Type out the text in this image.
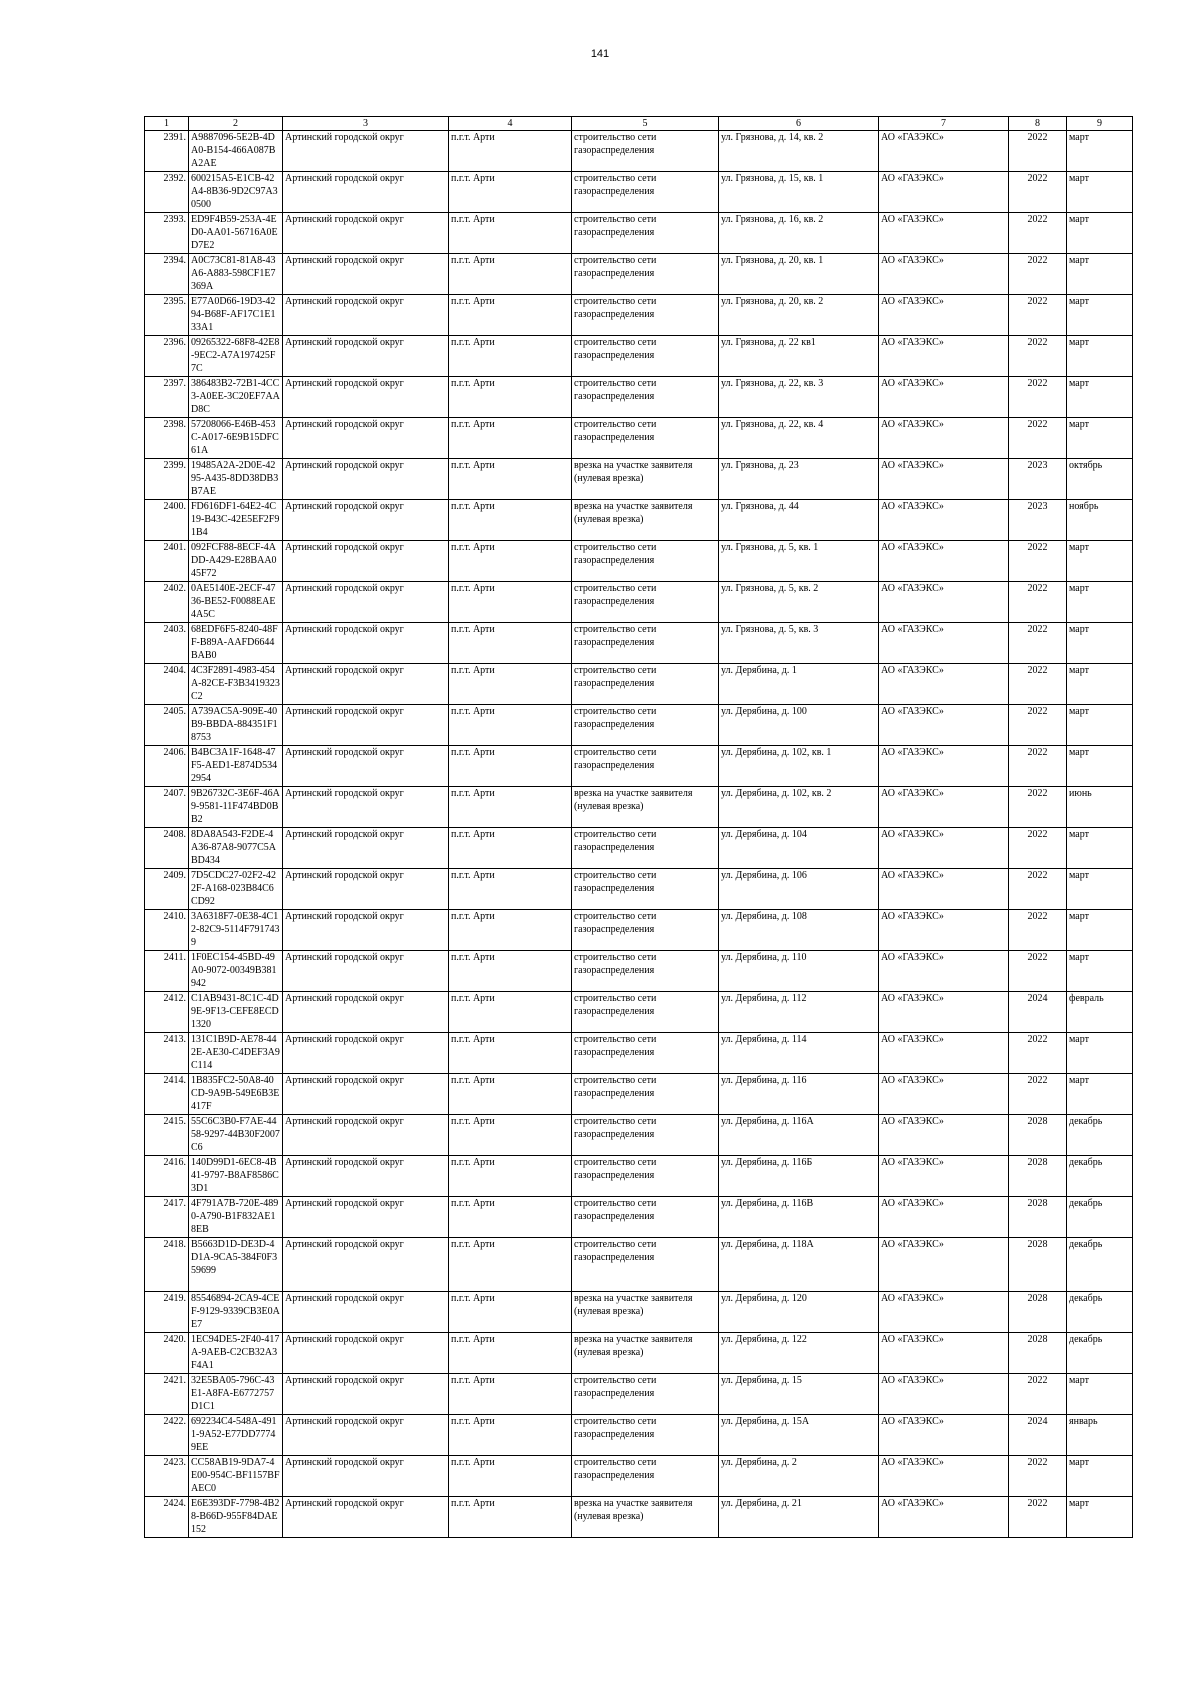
141
1	2	3	4	5	6	7	8	9
2391.	A9887096-5E2B-4DA0-B154-466A087BA2AE	Артинский городской округ	п.г.т. Арти	строительство сети газораспределения	ул. Грязнова, д. 14, кв. 2	АО «ГАЗЭКС»	2022	март
2392.	600215A5-E1CB-42A4-8B36-9D2C97A30500	Артинский городской округ	п.г.т. Арти	строительство сети газораспределения	ул. Грязнова, д. 15, кв. 1	АО «ГАЗЭКС»	2022	март
2393.	ED9F4B59-253A-4ED0-AA01-56716A0ED7E2	Артинский городской округ	п.г.т. Арти	строительство сети газораспределения	ул. Грязнова, д. 16, кв. 2	АО «ГАЗЭКС»	2022	март
2394.	A0C73C81-81A8-43A6-A883-598CF1E7369A	Артинский городской округ	п.г.т. Арти	строительство сети газораспределения	ул. Грязнова, д. 20, кв. 1	АО «ГАЗЭКС»	2022	март
2395.	E77A0D66-19D3-4294-B68F-AF17C1E133A1	Артинский городской округ	п.г.т. Арти	строительство сети газораспределения	ул. Грязнова, д. 20, кв. 2	АО «ГАЗЭКС»	2022	март
2396.	09265322-68F8-42E8-9EC2-A7A197425F7C	Артинский городской округ	п.г.т. Арти	строительство сети газораспределения	ул. Грязнова, д. 22 кв1	АО «ГАЗЭКС»	2022	март
2397.	386483B2-72B1-4CC3-A0EE-3C20EF7AAD8C	Артинский городской округ	п.г.т. Арти	строительство сети газораспределения	ул. Грязнова, д. 22, кв. 3	АО «ГАЗЭКС»	2022	март
2398.	57208066-E46B-453C-A017-6E9B15DFC61A	Артинский городской округ	п.г.т. Арти	строительство сети газораспределения	ул. Грязнова, д. 22, кв. 4	АО «ГАЗЭКС»	2022	март
2399.	19485A2A-2D0E-4295-A435-8DD38DB3B7AE	Артинский городской округ	п.г.т. Арти	врезка на участке заявителя (нулевая врезка)	ул. Грязнова, д. 23	АО «ГАЗЭКС»	2023	октябрь
2400.	FD616DF1-64E2-4C19-B43C-42E5EF2F91B4	Артинский городской округ	п.г.т. Арти	врезка на участке заявителя (нулевая врезка)	ул. Грязнова, д. 44	АО «ГАЗЭКС»	2023	ноябрь
2401.	092FCF88-8ECF-4ADD-A429-E28BAA045F72	Артинский городской округ	п.г.т. Арти	строительство сети газораспределения	ул. Грязнова, д. 5, кв. 1	АО «ГАЗЭКС»	2022	март
2402.	0AE5140E-2ECF-4736-BE52-F0088EAE4A5C	Артинский городской округ	п.г.т. Арти	строительство сети газораспределения	ул. Грязнова, д. 5, кв. 2	АО «ГАЗЭКС»	2022	март
2403.	68EDF6F5-8240-48FF-B89A-AAFD6644BAB0	Артинский городской округ	п.г.т. Арти	строительство сети газораспределения	ул. Грязнова, д. 5, кв. 3	АО «ГАЗЭКС»	2022	март
2404.	4C3F2891-4983-454A-82CE-F3B3419323C2	Артинский городской округ	п.г.т. Арти	строительство сети газораспределения	ул. Дерябина, д. 1	АО «ГАЗЭКС»	2022	март
2405.	A739AC5A-909E-40B9-BBDA-884351F18753	Артинский городской округ	п.г.т. Арти	строительство сети газораспределения	ул. Дерябина, д. 100	АО «ГАЗЭКС»	2022	март
2406.	B4BC3A1F-1648-47F5-AED1-E874D5342954	Артинский городской округ	п.г.т. Арти	строительство сети газораспределения	ул. Дерябина, д. 102, кв. 1	АО «ГАЗЭКС»	2022	март
2407.	9B26732C-3E6F-46A9-9581-11F474BD0BB2	Артинский городской округ	п.г.т. Арти	врезка на участке заявителя (нулевая врезка)	ул. Дерябина, д. 102, кв. 2	АО «ГАЗЭКС»	2022	июнь
2408.	8DA8A543-F2DE-4A36-87A8-9077C5ABD434	Артинский городской округ	п.г.т. Арти	строительство сети газораспределения	ул. Дерябина, д. 104	АО «ГАЗЭКС»	2022	март
2409.	7D5CDC27-02F2-422F-A168-023B84C6CD92	Артинский городской округ	п.г.т. Арти	строительство сети газораспределения	ул. Дерябина, д. 106	АО «ГАЗЭКС»	2022	март
2410.	3A6318F7-0E38-4C12-82C9-5114F7917439	Артинский городской округ	п.г.т. Арти	строительство сети газораспределения	ул. Дерябина, д. 108	АО «ГАЗЭКС»	2022	март
2411.	1F0EC154-45BD-49A0-9072-00349B381942	Артинский городской округ	п.г.т. Арти	строительство сети газораспределения	ул. Дерябина, д. 110	АО «ГАЗЭКС»	2022	март
2412.	C1AB9431-8C1C-4D9E-9F13-CEFE8ECD1320	Артинский городской округ	п.г.т. Арти	строительство сети газораспределения	ул. Дерябина, д. 112	АО «ГАЗЭКС»	2024	февраль
2413.	131C1B9D-AE78-442E-AE30-C4DEF3A9C114	Артинский городской округ	п.г.т. Арти	строительство сети газораспределения	ул. Дерябина, д. 114	АО «ГАЗЭКС»	2022	март
2414.	1B835FC2-50A8-40CD-9A9B-549E6B3E417F	Артинский городской округ	п.г.т. Арти	строительство сети газораспределения	ул. Дерябина, д. 116	АО «ГАЗЭКС»	2022	март
2415.	55C6C3B0-F7AE-4458-9297-44B30F2007C6	Артинский городской округ	п.г.т. Арти	строительство сети газораспределения	ул. Дерябина, д. 116А	АО «ГАЗЭКС»	2028	декабрь
2416.	140D99D1-6EC8-4B41-9797-B8AF8586C3D1	Артинский городской округ	п.г.т. Арти	строительство сети газораспределения	ул. Дерябина, д. 116Б	АО «ГАЗЭКС»	2028	декабрь
2417.	4F791A7B-720E-4890-A790-B1F832AE18EB	Артинский городской округ	п.г.т. Арти	строительство сети газораспределения	ул. Дерябина, д. 116В	АО «ГАЗЭКС»	2028	декабрь
2418.	B5663D1D-DE3D-4D1A-9CA5-384F0F359699	Артинский городской округ	п.г.т. Арти	строительство сети газораспределения	ул. Дерябина, д. 118А	АО «ГАЗЭКС»	2028	декабрь
2419.	85546894-2CA9-4CEF-9129-9339CB3E0AE7	Артинский городской округ	п.г.т. Арти	врезка на участке заявителя (нулевая врезка)	ул. Дерябина, д. 120	АО «ГАЗЭКС»	2028	декабрь
2420.	1EC94DE5-2F40-417A-9AEB-C2CB32A3F4A1	Артинский городской округ	п.г.т. Арти	врезка на участке заявителя (нулевая врезка)	ул. Дерябина, д. 122	АО «ГАЗЭКС»	2028	декабрь
2421.	32E5BA05-796C-43E1-A8FA-E6772757D1C1	Артинский городской округ	п.г.т. Арти	строительство сети газораспределения	ул. Дерябина, д. 15	АО «ГАЗЭКС»	2022	март
2422.	692234C4-548A-4911-9A52-E77DD77749EE	Артинский городской округ	п.г.т. Арти	строительство сети газораспределения	ул. Дерябина, д. 15А	АО «ГАЗЭКС»	2024	январь
2423.	CC58AB19-9DA7-4E00-954C-BF1157BFAEC0	Артинский городской округ	п.г.т. Арти	строительство сети газораспределения	ул. Дерябина, д. 2	АО «ГАЗЭКС»	2022	март
2424.	E6E393DF-7798-4B28-B66D-955F84DAE152	Артинский городской округ	п.г.т. Арти	врезка на участке заявителя (нулевая врезка)	ул. Дерябина, д. 21	АО «ГАЗЭКС»	2022	март
